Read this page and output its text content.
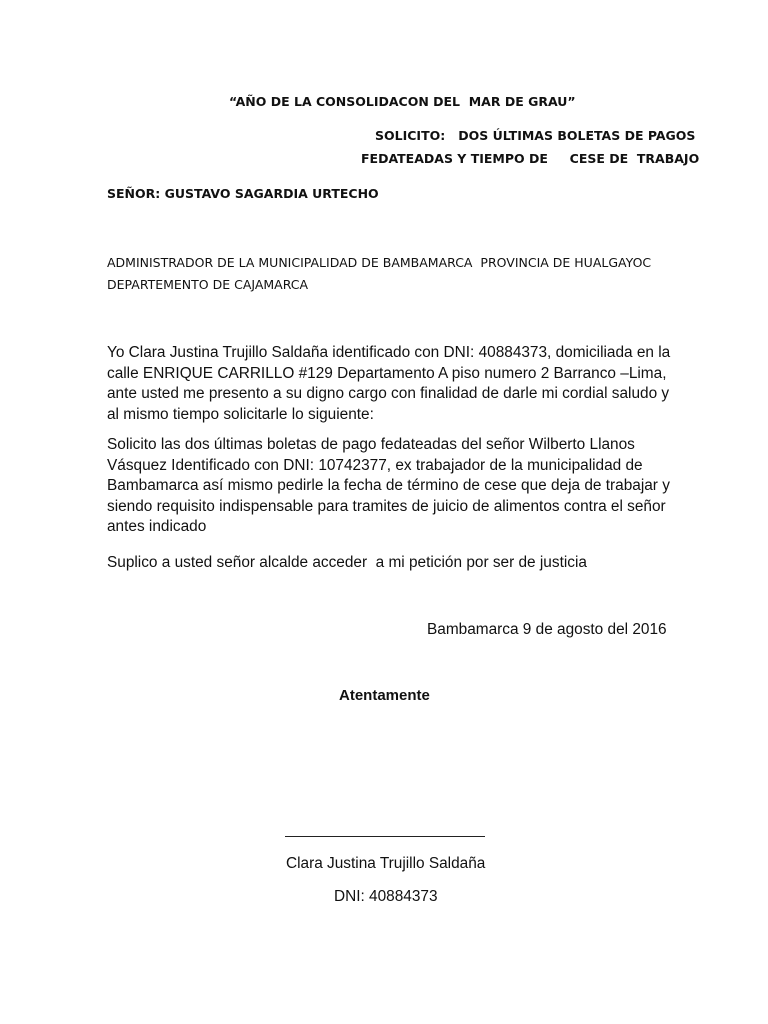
“AÑO DE LA CONSOLIDACON DEL  MAR DE GRAU”
SOLICITO:   DOS ÚLTIMAS BOLETAS DE PAGOS
FEDATEADAS Y TIEMPO DE     CESE DE  TRABAJO
SEÑOR: GUSTAVO SAGARDIA URTECHO
ADMINISTRADOR DE LA MUNICIPALIDAD DE BAMBAMARCA  PROVINCIA DE HUALGAYOC
DEPARTEMENTO DE CAJAMARCA
Yo Clara Justina Trujillo Saldaña identificado con DNI: 40884373, domiciliada en la
calle ENRIQUE CARRILLO #129 Departamento A piso numero 2 Barranco –Lima,
ante usted me presento a su digno cargo con finalidad de darle mi cordial saludo y
al mismo tiempo solicitarle lo siguiente:
Solicito las dos últimas boletas de pago fedateadas del señor Wilberto Llanos
Vásquez Identificado con DNI: 10742377, ex trabajador de la municipalidad de
Bambamarca así mismo pedirle la fecha de término de cese que deja de trabajar y
siendo requisito indispensable para tramites de juicio de alimentos contra el señor
antes indicado
Suplico a usted señor alcalde acceder  a mi petición por ser de justicia
Bambamarca 9 de agosto del 2016
Atentamente
Clara Justina Trujillo Saldaña
DNI: 40884373
